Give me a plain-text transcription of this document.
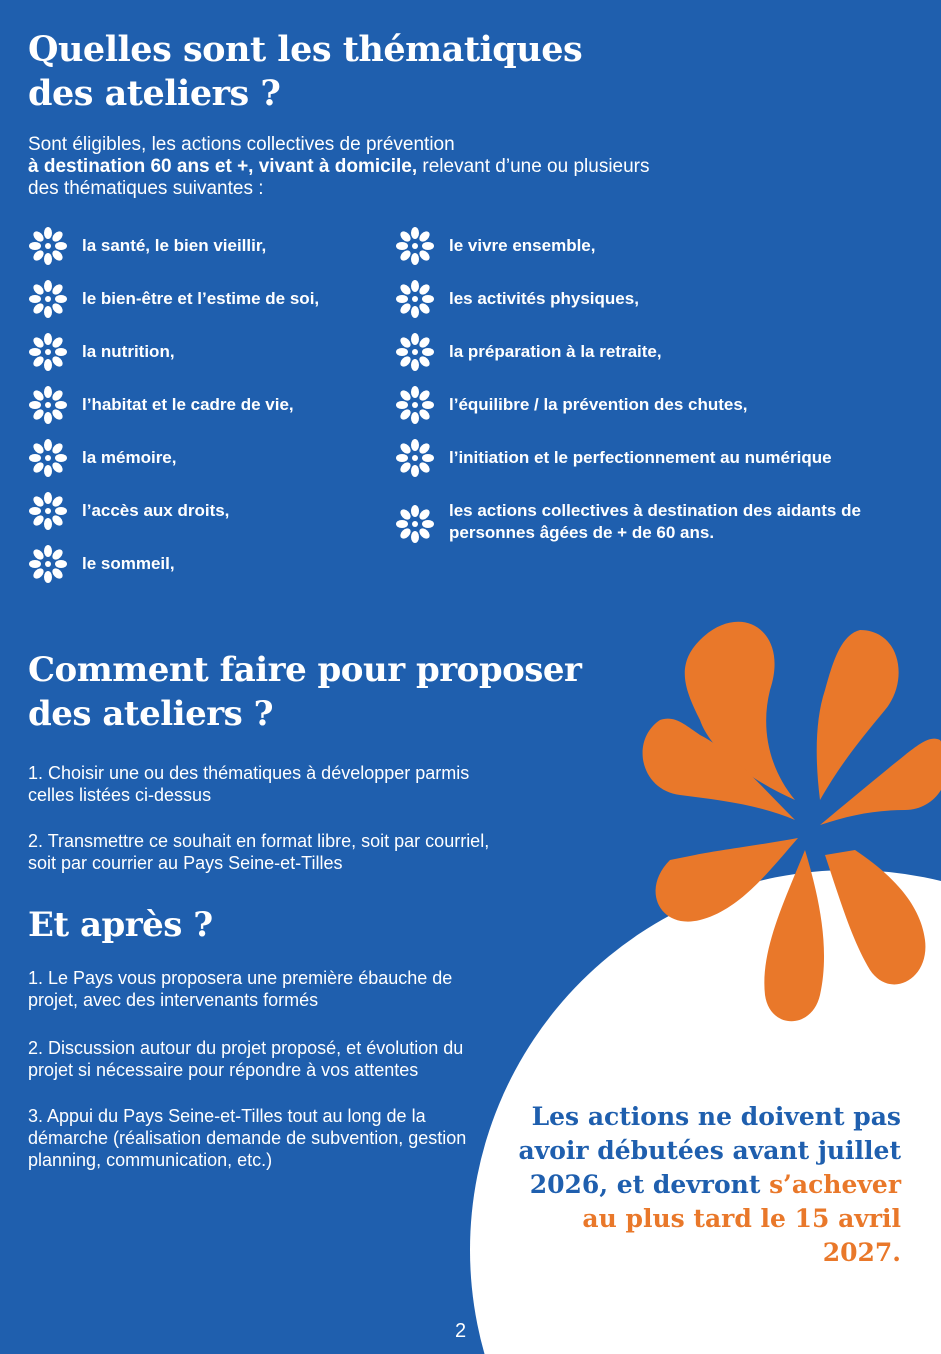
Quelles sont les thématiques des ateliers ?
Sont éligibles, les actions collectives de prévention
à destination 60 ans et +, vivant à domicile, relevant d’une ou plusieurs des thématiques suivantes :
la santé, le bien vieillir,
le bien-être et l’estime de soi,
la nutrition,
l’habitat et le cadre de vie,
la mémoire,
l’accès aux droits,
le sommeil,
le vivre ensemble,
les activités physiques,
la préparation à la retraite,
l’équilibre / la prévention des chutes,
l’initiation et le perfectionnement au numérique
les actions collectives à destination des aidants de personnes âgées de + de 60 ans.
Comment faire pour proposer des ateliers ?
1. Choisir une ou des thématiques à développer parmis celles listées ci-dessus
2. Transmettre ce souhait en format libre, soit par courriel, soit par courrier au Pays Seine-et-Tilles
Et après ?
1. Le Pays vous proposera une première ébauche de projet, avec des intervenants formés
2. Discussion autour du projet proposé, et évolution du projet si nécessaire pour répondre à vos attentes
3. Appui du Pays Seine-et-Tilles tout au long de la démarche (réalisation demande de subvention, gestion planning, communication, etc.)
Les actions ne doivent pas avoir débutées avant juillet 2026, et devront s’achever au plus tard le 15 avril 2027.
2
